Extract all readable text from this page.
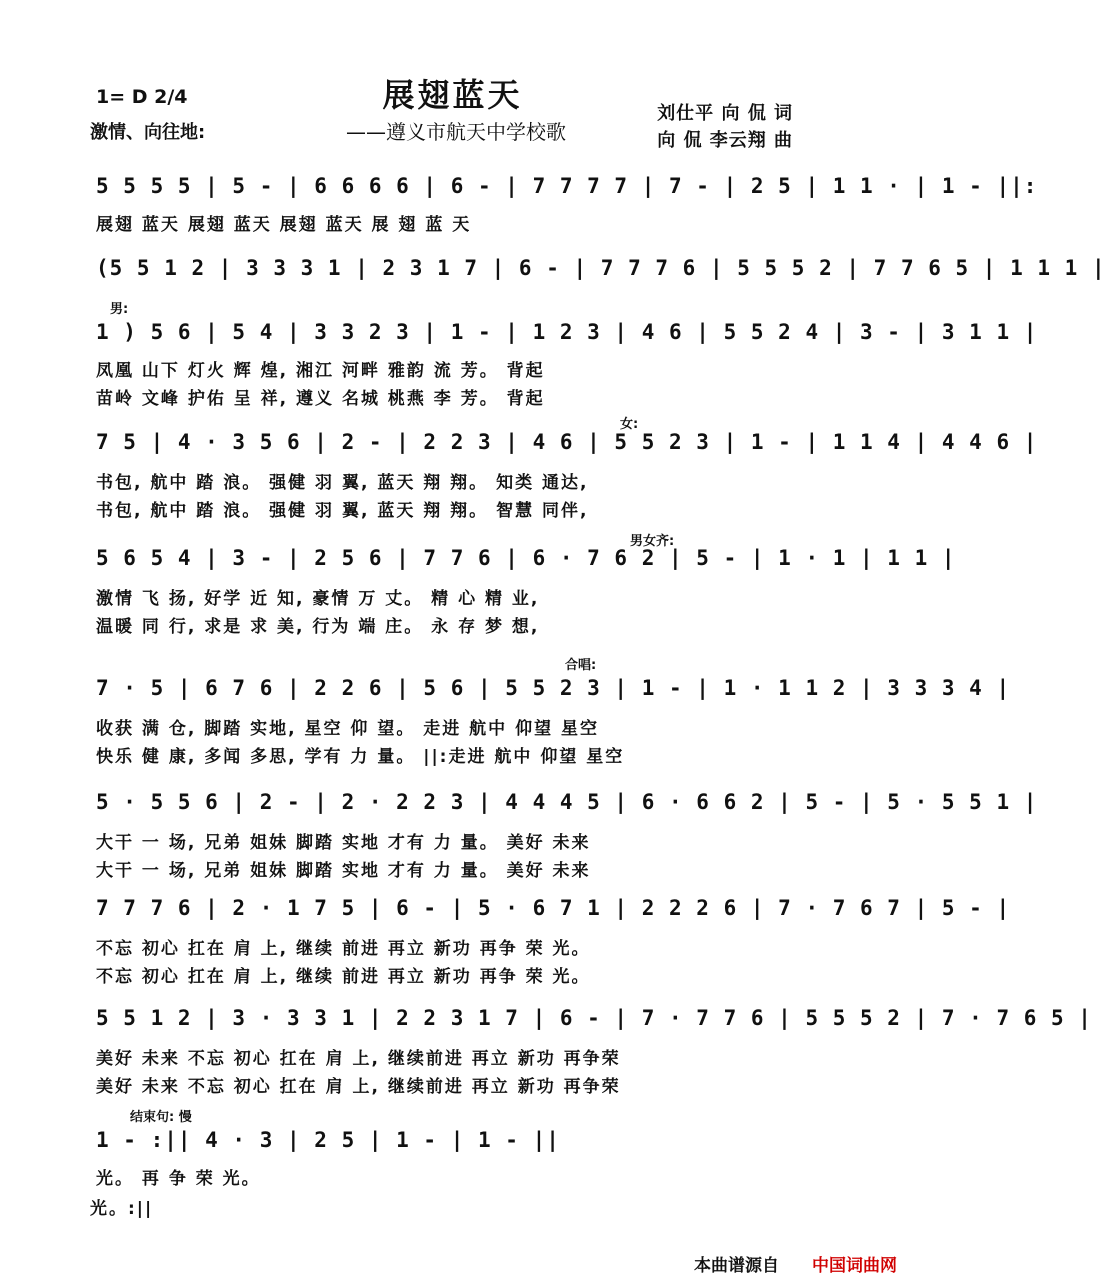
1= D 2/4
激情、向往地:
展翅蓝天
——遵义市航天中学校歌
刘仕平 向 侃 词
向 侃 李云翔 曲
5 5 5 5 | 5 - | 6 6 6 6 | 6 - | 7 7 7 7 | 7 - | 2 5 | 1 1 · | 1 - ||:
展翅 蓝天 展翅 蓝天 展翅 蓝天 展 翅 蓝 天
(5 5 1 2 | 3 3 3 1 | 2 3 1 7 | 6 - | 7 7 7 6 | 5 5 5 2 | 7 7 6 5 | 1 1 1 |
男:
1 ) 5 6 | 5 4 | 3 3 2 3 | 1 - | 1 2 3 | 4 6 | 5 5 2 4 | 3 - | 3 1 1 |
凤凰 山下 灯火 辉 煌, 湘江 河畔 雅韵 流 芳。 背起
苗岭 文峰 护佑 呈 祥, 遵义 名城 桃燕 李 芳。 背起
女:
7 5 | 4 · 3 5 6 | 2 - | 2 2 3 | 4 6 | 5 5 2 3 | 1 - | 1 1 4 | 4 4 6 |
书包, 航中 踏 浪。 强健 羽 翼, 蓝天 翔 翔。 知类 通达,
书包, 航中 踏 浪。 强健 羽 翼, 蓝天 翔 翔。 智慧 同伴,
男女齐:
5 6 5 4 | 3 - | 2 5 6 | 7 7 6 | 6 · 7 6 2 | 5 - | 1 · 1 | 1 1 |
激情 飞 扬, 好学 近 知, 豪情 万 丈。 精 心 精 业,
温暖 同 行, 求是 求 美, 行为 端 庄。 永 存 梦 想,
合唱:
7 · 5 | 6 7 6 | 2 2 6 | 5 6 | 5 5 2 3 | 1 - | 1 · 1 1 2 | 3 3 3 4 |
收获 满 仓, 脚踏 实地, 星空 仰 望。 走进 航中 仰望 星空
快乐 健 康, 多闻 多思, 学有 力 量。 ||:走进 航中 仰望 星空
5 · 5 5 6 | 2 - | 2 · 2 2 3 | 4 4 4 5 | 6 · 6 6 2 | 5 - | 5 · 5 5 1 |
大干 一 场, 兄弟 姐妹 脚踏 实地 才有 力 量。 美好 未来
大干 一 场, 兄弟 姐妹 脚踏 实地 才有 力 量。 美好 未来
7 7 7 6 | 2 · 1 7 5 | 6 - | 5 · 6 7 1 | 2 2 2 6 | 7 · 7 6 7 | 5 - |
不忘 初心 扛在 肩 上, 继续 前进 再立 新功 再争 荣 光。
不忘 初心 扛在 肩 上, 继续 前进 再立 新功 再争 荣 光。
5 5 1 2 | 3 · 3 3 1 | 2 2 3 1 7 | 6 - | 7 · 7 7 6 | 5 5 5 2 | 7 · 7 6 5 |
美好 未来 不忘 初心 扛在 肩 上, 继续前进 再立 新功 再争荣
美好 未来 不忘 初心 扛在 肩 上, 继续前进 再立 新功 再争荣
结束句: 慢
1 - :|| 4 · 3 | 2 5 | 1 - | 1 - ||
光。 再 争 荣 光。
光。:||
本曲谱源自 中国词曲网
